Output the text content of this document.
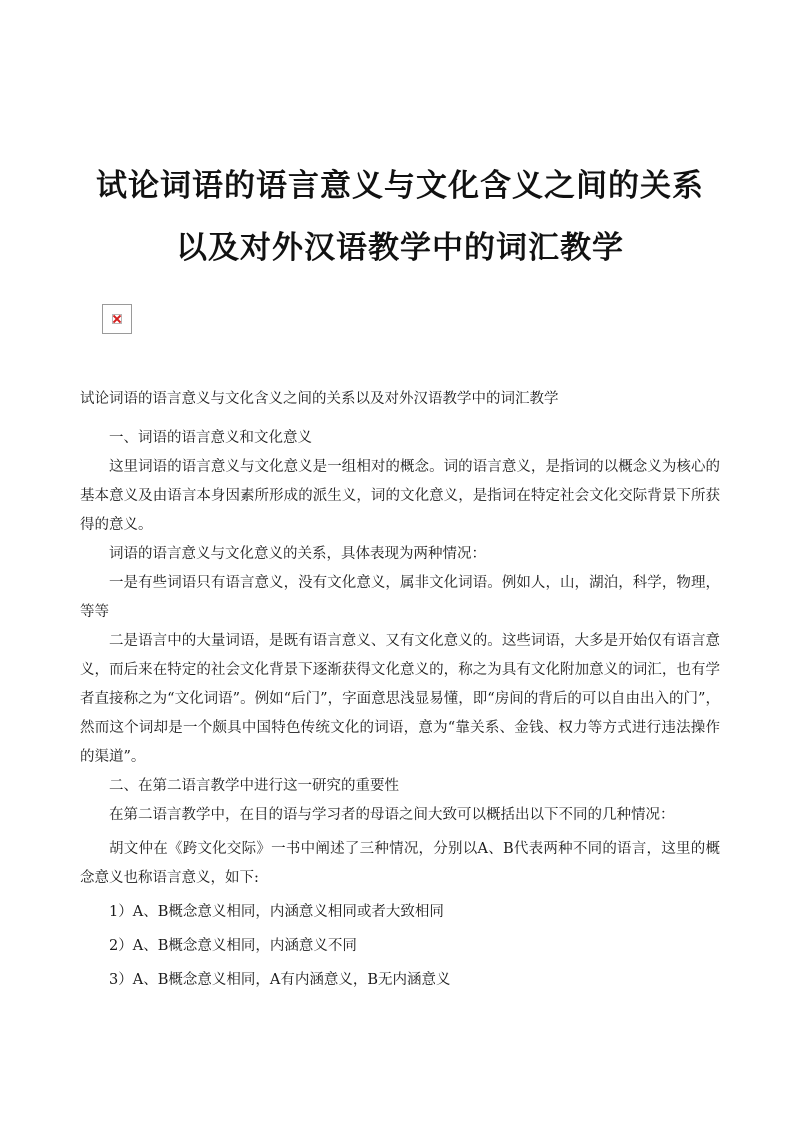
试论词语的语言意义与文化含义之间的关系
以及对外汉语教学中的词汇教学

试论词语的语言意义与文化含义之间的关系以及对外汉语教学中的词汇教学

一、词语的语言意义和文化意义

这里词语的语言意义与文化意义是一组相对的概念。词的语言意义，是指词的以概念义为核心的基本意义及由语言本身因素所形成的派生义，词的文化意义，是指词在特定社会文化交际背景下所获得的意义。

词语的语言意义与文化意义的关系，具体表现为两种情况：

一是有些词语只有语言意义，没有文化意义，属非文化词语。例如人，山，湖泊，科学，物理，等等

二是语言中的大量词语，是既有语言意义、又有文化意义的。这些词语，大多是开始仅有语言意义，而后来在特定的社会文化背景下逐渐获得文化意义的，称之为具有文化附加意义的词汇，也有学者直接称之为“文化词语”。例如“后门”，字面意思浅显易懂，即“房间的背后的可以自由出入的门”，然而这个词却是一个颇具中国特色传统文化的词语，意为“靠关系、金钱、权力等方式进行违法操作的渠道”。

二、在第二语言教学中进行这一研究的重要性

在第二语言教学中，在目的语与学习者的母语之间大致可以概括出以下不同的几种情况：

胡文仲在《跨文化交际》一书中阐述了三种情况，分别以A、B代表两种不同的语言，这里的概念意义也称语言意义，如下:

1）A、B概念意义相同，内涵意义相同或者大致相同

2）A、B概念意义相同，内涵意义不同

3）A、B概念意义相同，A有内涵意义，B无内涵意义
